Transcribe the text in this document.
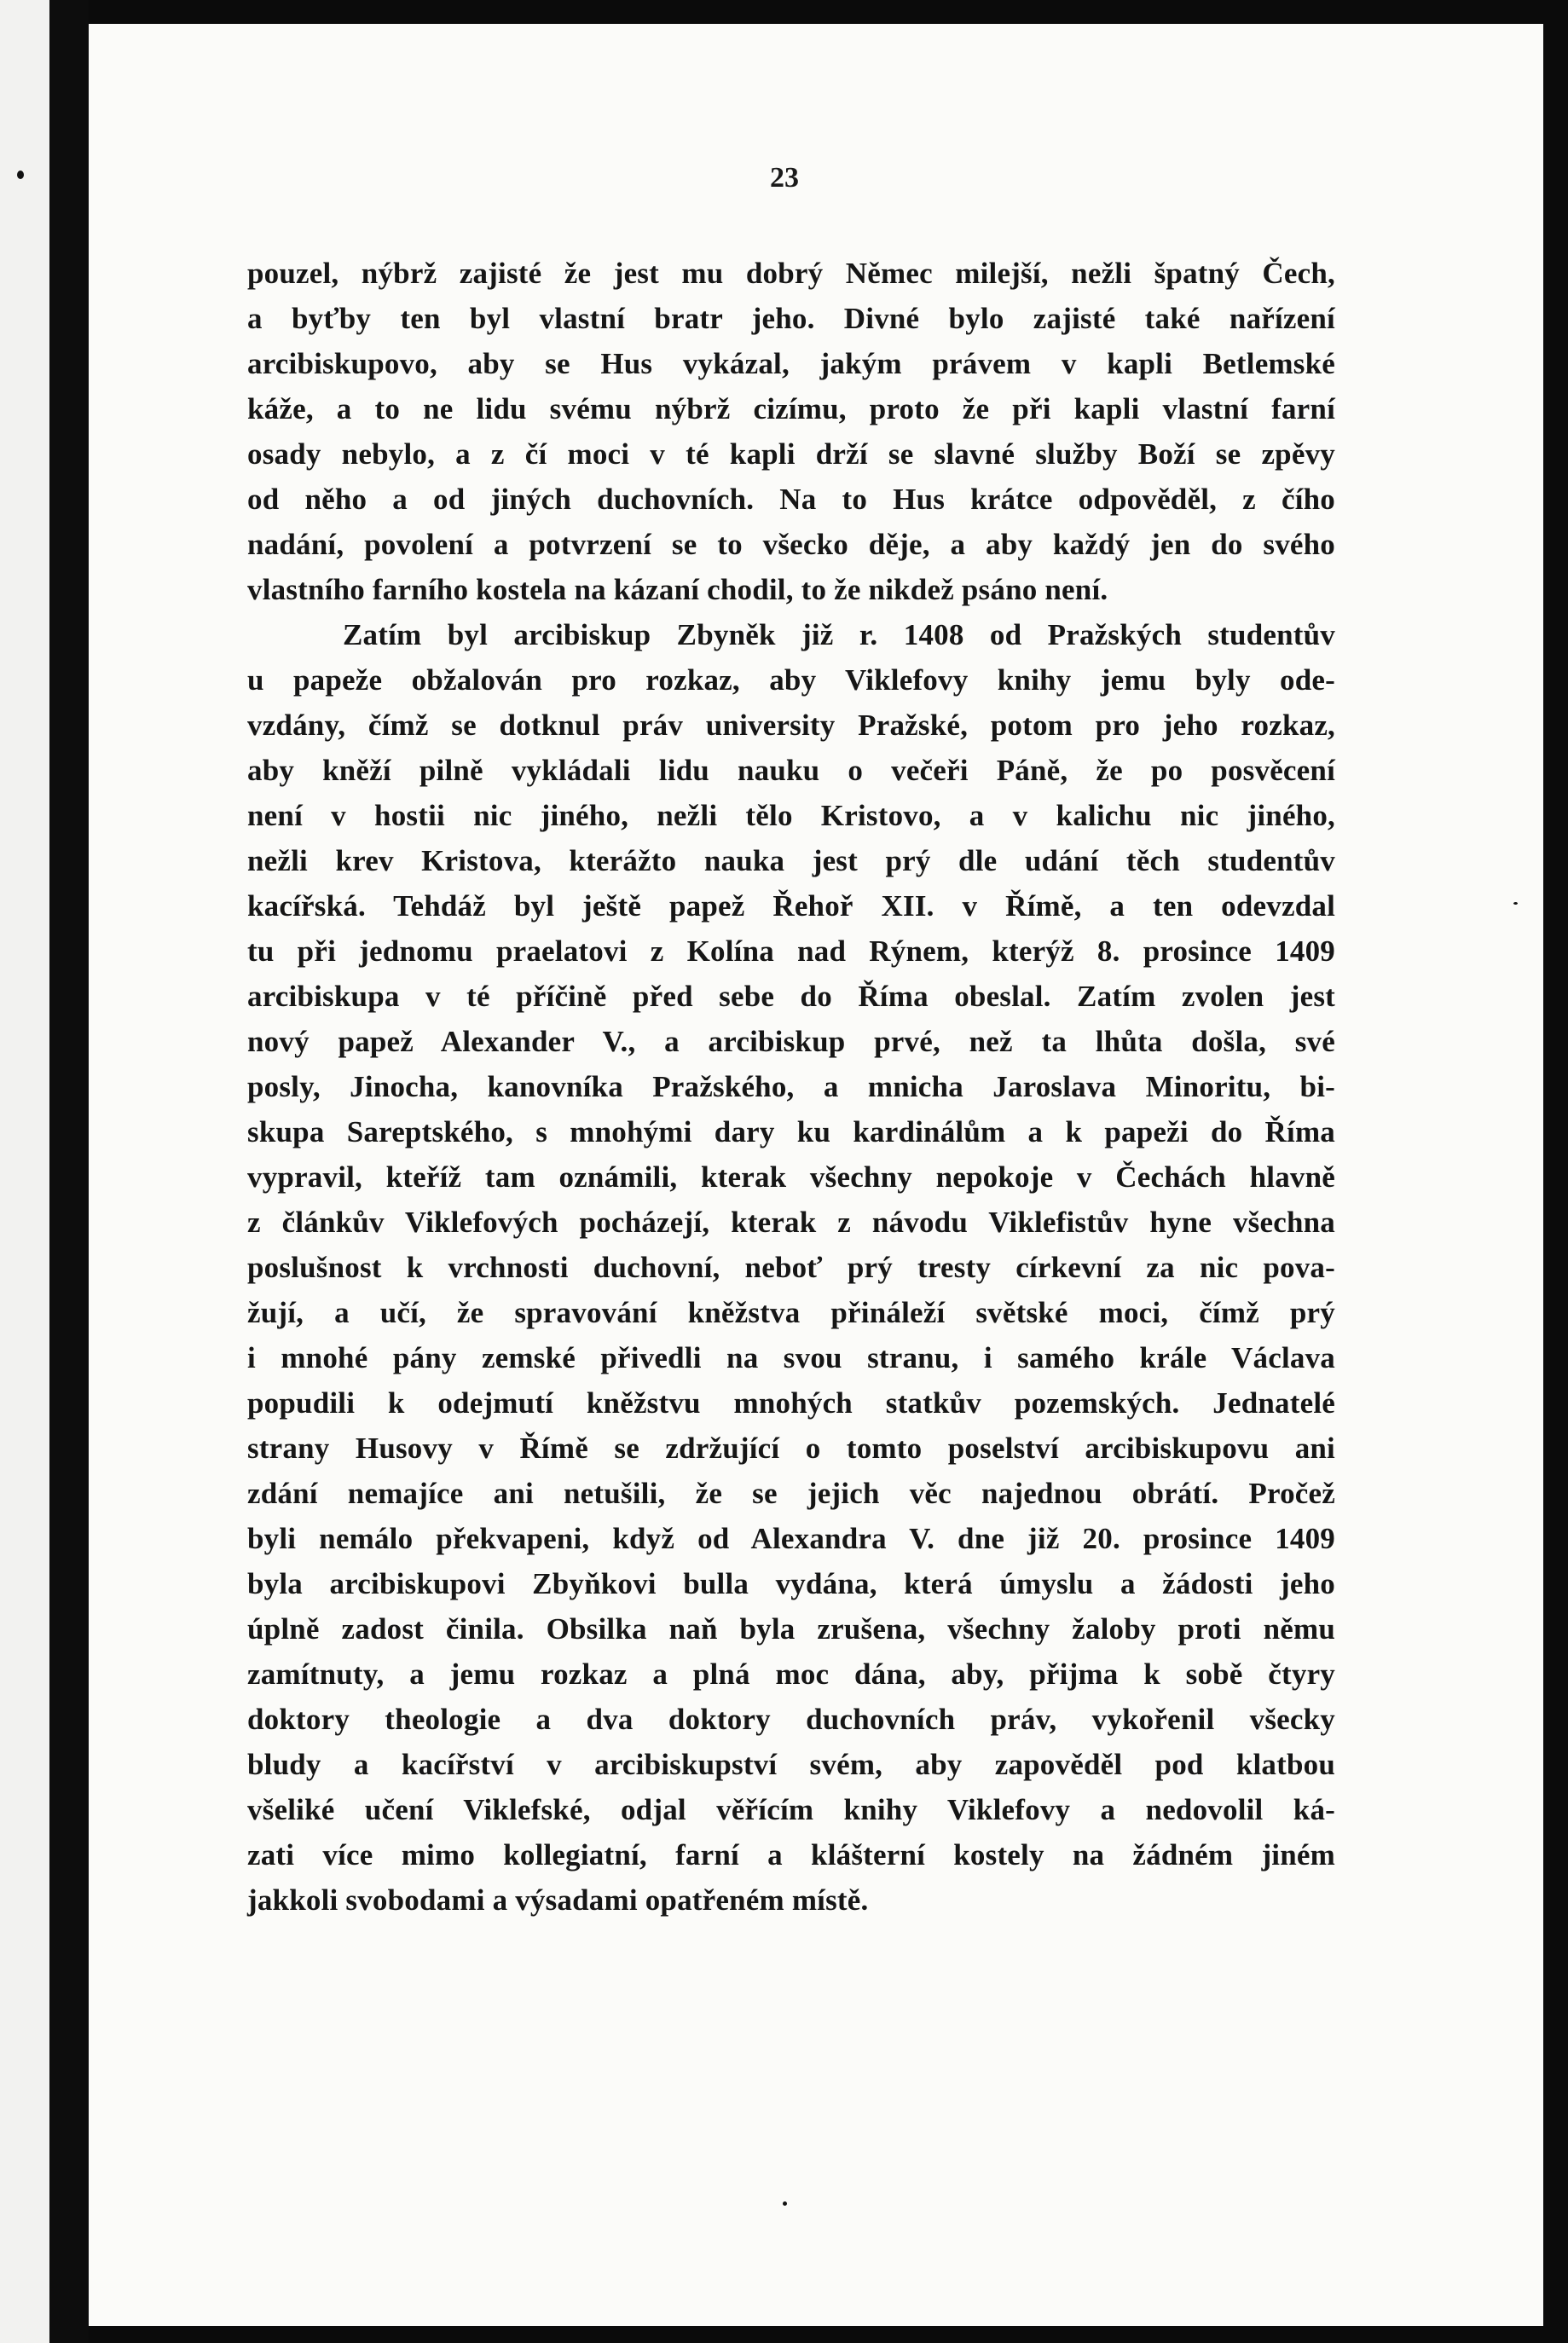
23
pouzel, nýbrž zajisté že jest mu dobrý Němec milejší, nežli špatný Čech,
a byťby ten byl vlastní bratr jeho. Divné bylo zajisté také nařízení
arcibiskupovo, aby se Hus vykázal, jakým právem v kapli Betlemské
káže, a to ne lidu svému nýbrž cizímu, proto že při kapli vlastní farní
osady nebylo, a z čí moci v té kapli drží se slavné služby Boží se zpěvy
od něho a od jiných duchovních. Na to Hus krátce odpověděl, z čího
nadání, povolení a potvrzení se to všecko děje, a aby každý jen do svého
vlastního farního kostela na kázaní chodil, to že nikdež psáno není.
Zatím byl arcibiskup Zbyněk již r. 1408 od Pražských studentův
u papeže obžalován pro rozkaz, aby Viklefovy knihy jemu byly ode-
vzdány, čímž se dotknul práv university Pražské, potom pro jeho rozkaz,
aby kněží pilně vykládali lidu nauku o večeři Páně, že po posvěcení
není v hostii nic jiného, nežli tělo Kristovo, a v kalichu nic jiného,
nežli krev Kristova, kterážto nauka jest prý dle udání těch studentův
kacířská. Tehdáž byl ještě papež Řehoř XII. v Římě, a ten odevzdal
tu při jednomu praelatovi z Kolína nad Rýnem, kterýž 8. prosince 1409
arcibiskupa v té příčině před sebe do Říma obeslal. Zatím zvolen jest
nový papež Alexander V., a arcibiskup prvé, než ta lhůta došla, své
posly, Jinocha, kanovníka Pražského, a mnicha Jaroslava Minoritu, bi-
skupa Sareptského, s mnohými dary ku kardinálům a k papeži do Říma
vypravil, kteříž tam oznámili, kterak všechny nepokoje v Čechách hlavně
z článkův Viklefových pocházejí, kterak z návodu Viklefistův hyne všechna
poslušnost k vrchnosti duchovní, neboť prý tresty církevní za nic pova-
žují, a učí, že spravování kněžstva přináleží světské moci, čímž prý
i mnohé pány zemské přivedli na svou stranu, i samého krále Václava
popudili k odejmutí kněžstvu mnohých statkův pozemských. Jednatelé
strany Husovy v Římě se zdržující o tomto poselství arcibiskupovu ani
zdání nemajíce ani netušili, že se jejich věc najednou obrátí. Pročež
byli nemálo překvapeni, když od Alexandra V. dne již 20. prosince 1409
byla arcibiskupovi Zbyňkovi bulla vydána, která úmyslu a žádosti jeho
úplně zadost činila. Obsilka naň byla zrušena, všechny žaloby proti němu
zamítnuty, a jemu rozkaz a plná moc dána, aby, přijma k sobě čtyry
doktory theologie a dva doktory duchovních práv, vykořenil všecky
bludy a kacířství v arcibiskupství svém, aby zapověděl pod klatbou
všeliké učení Viklefské, odjal věřícím knihy Viklefovy a nedovolil ká-
zati více mimo kollegiatní, farní a klášterní kostely na žádném jiném
jakkoli svobodami a výsadami opatřeném místě.
